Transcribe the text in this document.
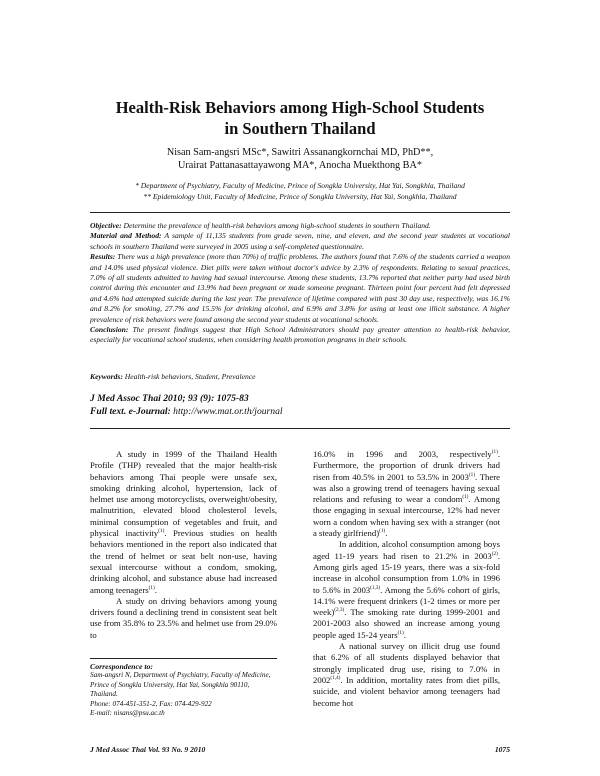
Health-Risk Behaviors among High-School Students
in Southern Thailand
Nisan Sam-angsri MSc*, Sawitri Assanangkornchai MD, PhD**,
Urairat Pattanasattayawong MA*, Anocha Muekthong BA*
* Department of Psychiatry, Faculty of Medicine, Prince of Songkla University, Hat Yai, Songkhla, Thailand
** Epidemiology Unit, Faculty of Medicine, Prince of Songkla University, Hat Yai, Songkhla, Thailand

Objective: Determine the prevalence of health-risk behaviors among high-school students in southern Thailand.

Material and Method: A sample of 11,135 students from grade seven, nine, and eleven, and the second year students at vocational schools in southern Thailand were surveyed in 2005 using a self-completed questionnaire.

Results: There was a high prevalence (more than 70%) of traffic problems. The authors found that 7.6% of the students carried a weapon and 14.0% used physical violence. Diet pills were taken without doctor's advice by 2.3% of respondents. Relating to sexual practices, 7.0% of all students admitted to having had sexual intercourse. Among these students, 13.7% reported that neither party had used birth control during this encounter and 13.9% had been pregnant or made someone pregnant. Thirteen point four percent had felt depressed and 4.6% had attempted suicide during the last year. The prevalence of lifetime compared with past 30 day use, respectively, was 16.1% and 8.2% for smoking, 27.7% and 15.5% for drinking alcohol, and 6.9% and 3.8% for using at least one illicit substance. A higher prevalence of risk behaviors were found among the second year students at vocational schools.

Conclusion: The present findings suggest that High School Administrators should pay greater attention to health-risk behavior, especially for vocational school students, when considering health promotion programs in their schools.

Keywords: Health-risk behaviors, Student, Prevalence
J Med Assoc Thai 2010; 93 (9): 1075-83
Full text. e-Journal: http://www.mat.or.th/journal

A study in 1999 of the Thailand Health Profile (THP) revealed that the major health-risk behaviors among Thai people were unsafe sex, smoking drinking alcohol, hypertension, lack of helmet use among motorcyclists, overweight/obesity, malnutrition, elevated blood cholesterol levels, minimal consumption of vegetables and fruit, and physical inactivity$^{(1)}$. Previous studies on health behaviors mentioned in the report also indicated that the trend of helmet or seat belt non-use, having sexual intercourse without a condom, smoking, drinking alcohol, and substance abuse had increased among teenagers$^{(1)}$.

A study on driving behaviors among young drivers found a declining trend in consistent seat belt use from 35.8% to 23.5% and helmet use from 29.0% to

16.0% in 1996 and 2003, respectively$^{(1)}$. Furthermore, the proportion of drunk drivers had risen from 40.5% in 2001 to 53.5% in 2003$^{(1)}$. There was also a growing trend of teenagers having sexual relations and refusing to wear a condom$^{(1)}$. Among those engaging in sexual intercourse, 12% had never worn a condom when having sex with a stranger (not a steady girlfriend)$^{(1)}$.

In addition, alcohol consumption among boys aged 11-19 years had risen to 21.2% in 2003$^{(2)}$. Among girls aged 15-19 years, there was a six-fold increase in alcohol consumption from 1.0% in 1996 to 5.6% in 2003$^{(1,3)}$. Among the 5.6% cohort of girls, 14.1% were frequent drinkers (1-2 times or more per week)$^{(2,3)}$. The smoking rate during 1999-2001 and 2001-2003 also showed an increase among young people aged 15-24 years$^{(1)}$.

A national survey on illicit drug use found that 6.2% of all students displayed behavior that strongly implicated drug use, rising to 7.0% in 2002$^{(1,4)}$. In addition, mortality rates from diet pills, suicide, and violent behavior among teenagers had become hot

Correspondence to:
Sam-angsri N, Department of Psychiatry, Faculty of Medicine, Prince of Songkla University, Hat Yai, Songkhla 90110, Thailand.
Phone: 074-451-351-2, Fax: 074-429-922
E-mail: nisans@psu.ac.th
J Med Assoc Thai Vol. 93 No. 9 2010	1075
